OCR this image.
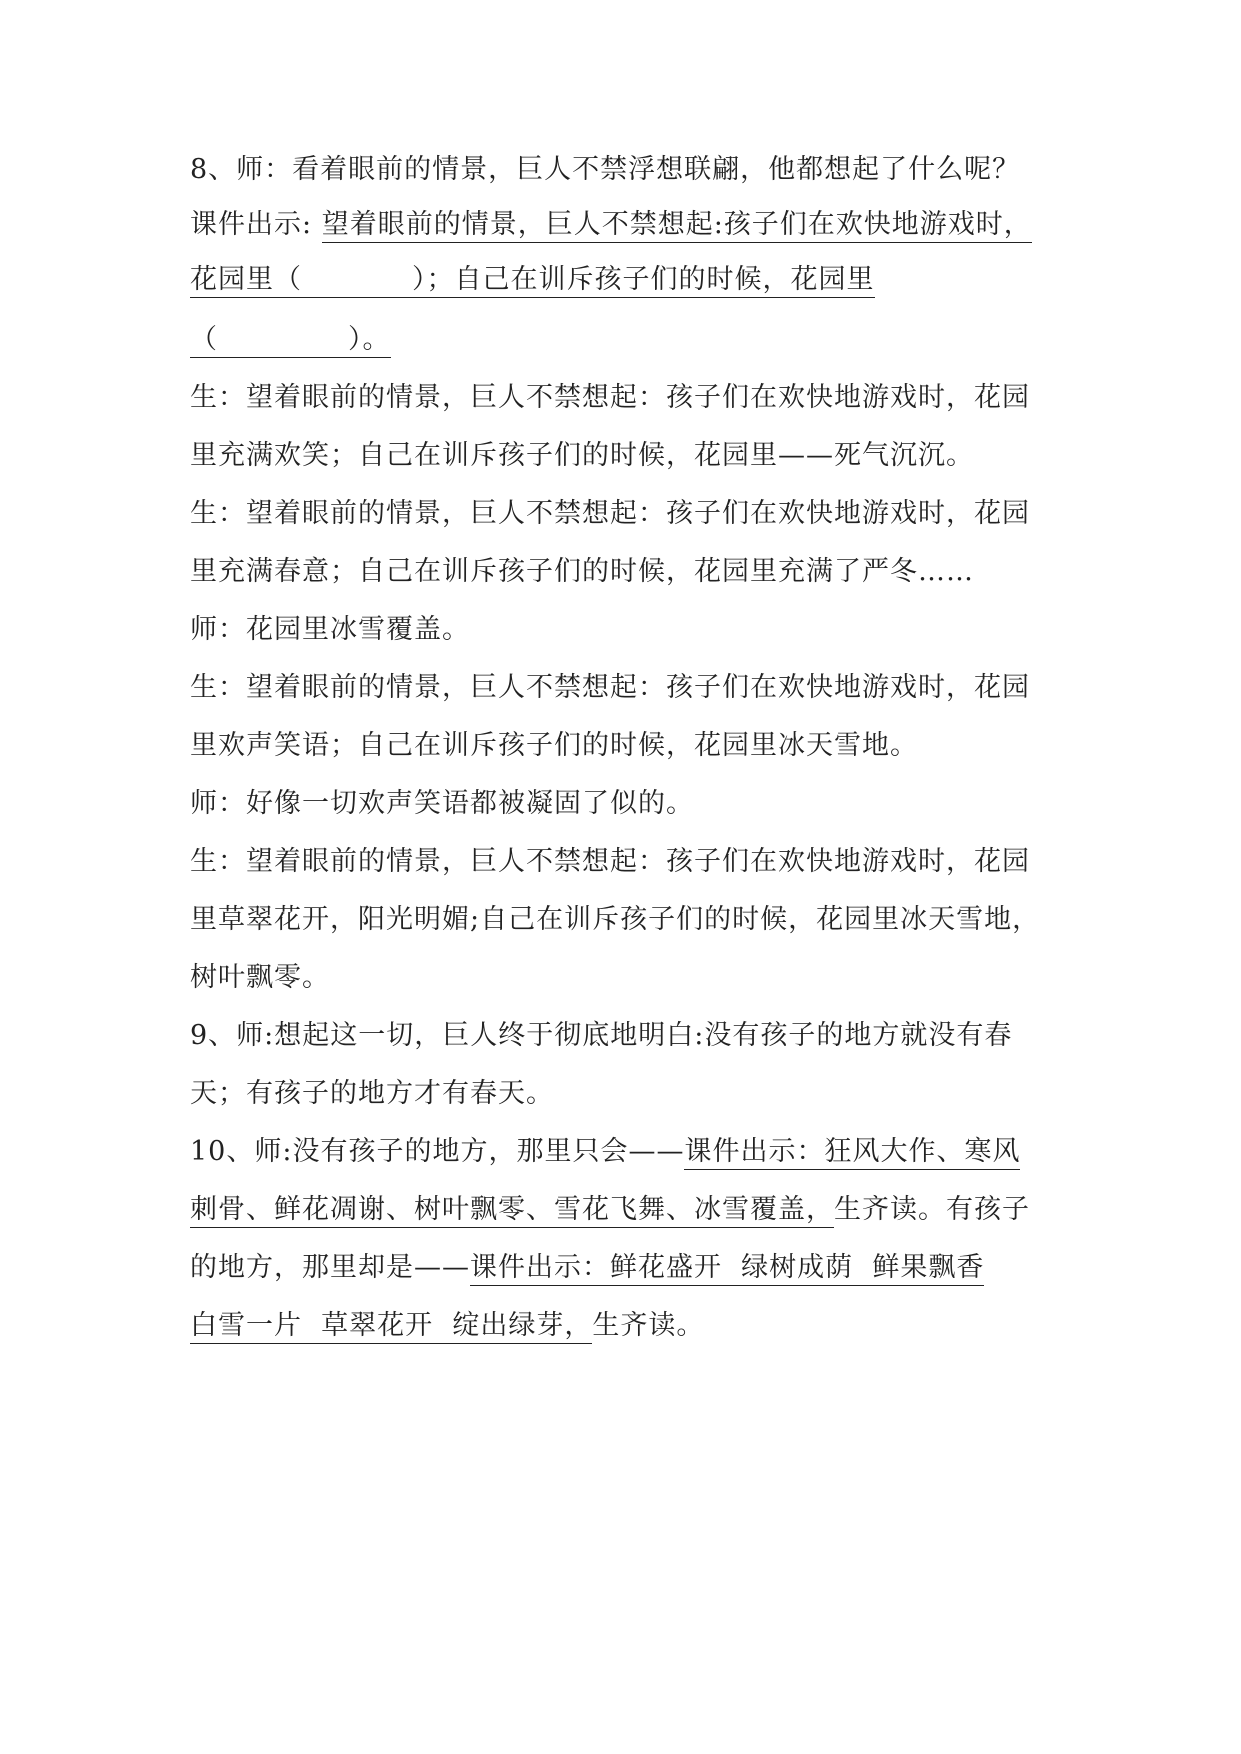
8、师：看着眼前的情景，巨人不禁浮想联翩，他都想起了什么呢？
课件出示: 望着眼前的情景，巨人不禁想起:孩子们在欢快地游戏时，
花园里（	）；自己在训斥孩子们的时候，花园里
（	）。
生：望着眼前的情景，巨人不禁想起：孩子们在欢快地游戏时，花园
里充满欢笑；自己在训斥孩子们的时候，花园里——死气沉沉。
生：望着眼前的情景，巨人不禁想起：孩子们在欢快地游戏时，花园
里充满春意；自己在训斥孩子们的时候，花园里充满了严冬……
师：花园里冰雪覆盖。
生：望着眼前的情景，巨人不禁想起：孩子们在欢快地游戏时，花园
里欢声笑语；自己在训斥孩子们的时候，花园里冰天雪地。
师：好像一切欢声笑语都被凝固了似的。
生：望着眼前的情景，巨人不禁想起：孩子们在欢快地游戏时，花园
里草翠花开，阳光明媚;自己在训斥孩子们的时候，花园里冰天雪地，
树叶飘零。
9、师:想起这一切，巨人终于彻底地明白:没有孩子的地方就没有春
天；有孩子的地方才有春天。
10、师:没有孩子的地方，那里只会——课件出示：狂风大作、寒风
刺骨、鲜花凋谢、树叶飘零、雪花飞舞、冰雪覆盖，生齐读。有孩子
的地方，那里却是——课件出示：鲜花盛开  绿树成荫  鲜果飘香
白雪一片  草翠花开  绽出绿芽，生齐读。
